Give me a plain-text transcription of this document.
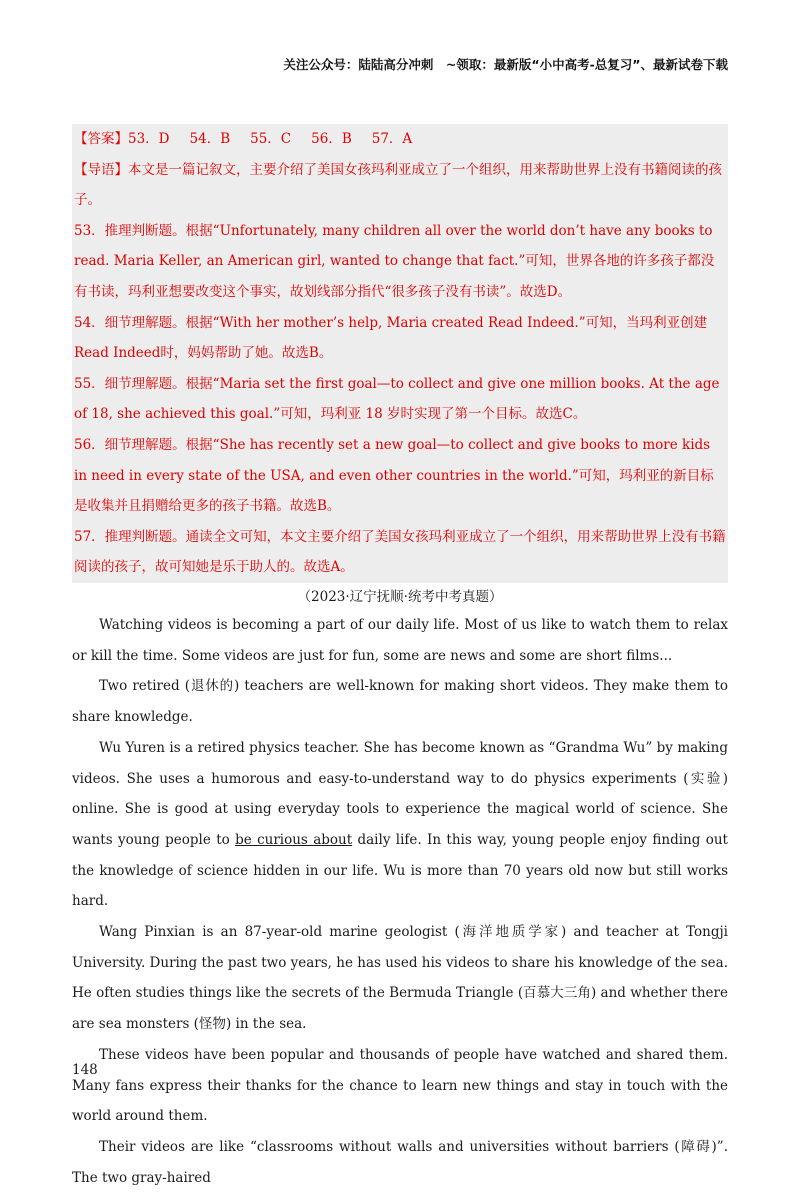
关注公众号：陆陆高分冲刺　~领取：最新版“小中高考-总复习”、最新试卷下载

【答案】53．D 54．B 55．C 56．B 57．A

【导语】本文是一篇记叙文，主要介绍了美国女孩玛利亚成立了一个组织，用来帮助世界上没有书籍阅读的孩子。

53．推理判断题。根据“Unfortunately, many children all over the world don’t have any books to read. Maria Keller, an American girl, wanted to change that fact.”可知，世界各地的许多孩子都没有书读，玛利亚想要改变这个事实，故划线部分指代“很多孩子没有书读”。故选D。

54．细节理解题。根据“With her mother’s help, Maria created Read Indeed.”可知，当玛利亚创建Read Indeed时，妈妈帮助了她。故选B。

55．细节理解题。根据“Maria set the first goal—to collect and give one million books. At the age of 18, she achieved this goal.”可知，玛利亚 18 岁时实现了第一个目标。故选C。

56．细节理解题。根据“She has recently set a new goal—to collect and give books to more kids in need in every state of the USA, and even other countries in the world.”可知，玛利亚的新目标是收集并且捐赠给更多的孩子书籍。故选B。

57．推理判断题。通读全文可知，本文主要介绍了美国女孩玛利亚成立了一个组织，用来帮助世界上没有书籍阅读的孩子，故可知她是乐于助人的。故选A。

（2023·辽宁抚顺·统考中考真题）

Watching videos is becoming a part of our daily life. Most of us like to watch them to relax or kill the time. Some videos are just for fun, some are news and some are short films...

Two retired (退休的) teachers are well-known for making short videos. They make them to share knowledge.

Wu Yuren is a retired physics teacher. She has become known as “Grandma Wu” by making videos. She uses a humorous and easy-to-understand way to do physics experiments (实验) online. She is good at using everyday tools to experience the magical world of science. She wants young people to be curious about daily life. In this way, young people enjoy finding out the knowledge of science hidden in our life. Wu is more than 70 years old now but still works hard.

Wang Pinxian is an 87-year-old marine geologist (海洋地质学家) and teacher at Tongji University. During the past two years, he has used his videos to share his knowledge of the sea. He often studies things like the secrets of the Bermuda Triangle (百慕大三角) and whether there are sea monsters (怪物) in the sea.

These videos have been popular and thousands of people have watched and shared them. Many fans express their thanks for the chance to learn new things and stay in touch with the world around them.

Their videos are like “classrooms without walls and universities without barriers (障碍)”. The two gray-haired

148
